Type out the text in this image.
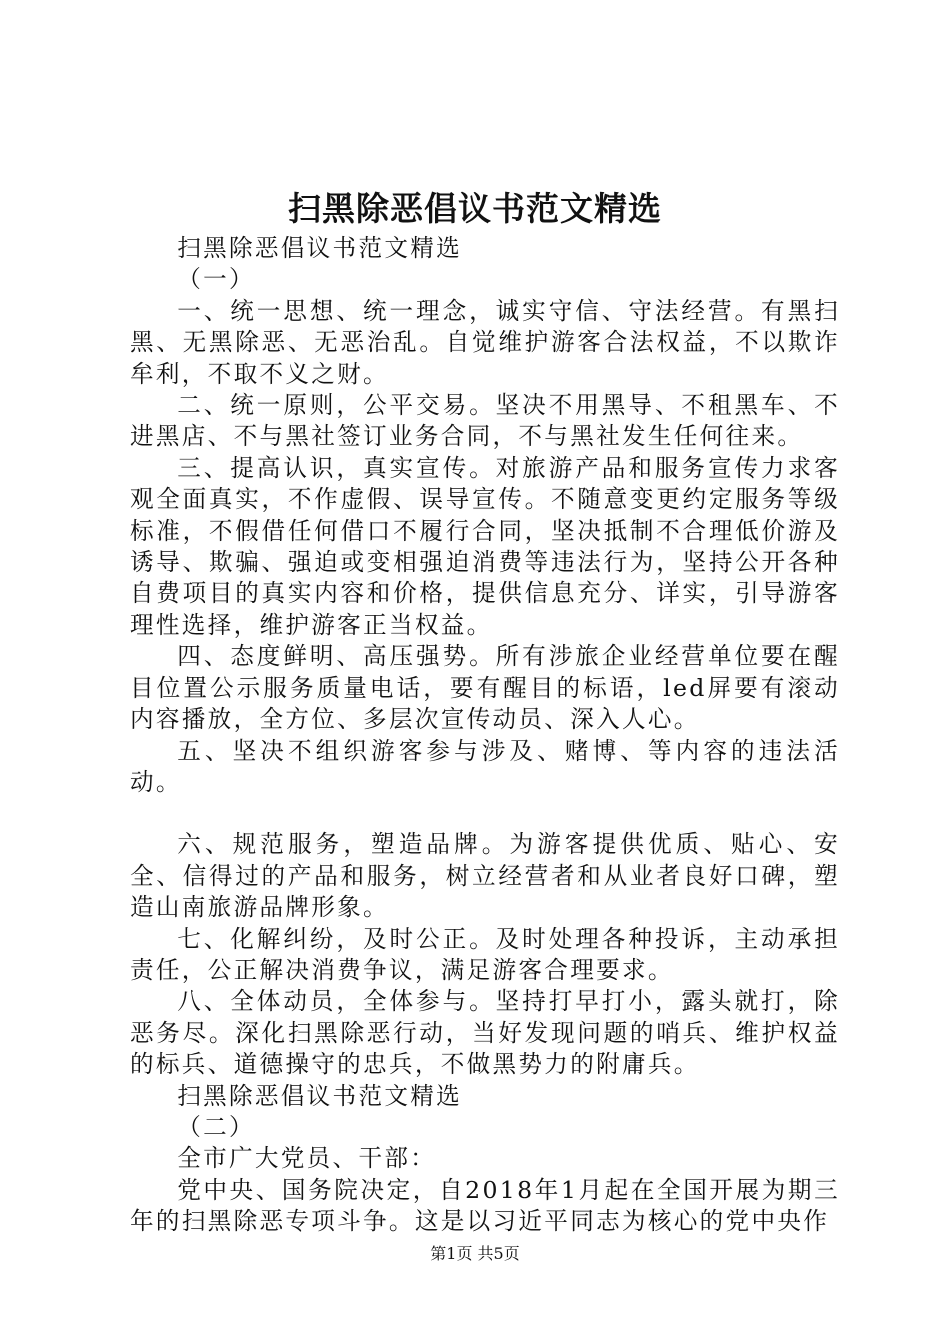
扫黑除恶倡议书范文精选

扫黑除恶倡议书范文精选

（一）

一、统一思想、统一理念，诚实守信、守法经营。有黑扫黑、无黑除恶、无恶治乱。自觉维护游客合法权益，不以欺诈牟利，不取不义之财。

二、统一原则，公平交易。坚决不用黑导、不租黑车、不进黑店、不与黑社签订业务合同，不与黑社发生任何往来。

三、提高认识，真实宣传。对旅游产品和服务宣传力求客观全面真实，不作虚假、误导宣传。不随意变更约定服务等级标准，不假借任何借口不履行合同，坚决抵制不合理低价游及诱导、欺骗、强迫或变相强迫消费等违法行为，坚持公开各种自费项目的真实内容和价格，提供信息充分、详实，引导游客理性选择，维护游客正当权益。

四、态度鲜明、高压强势。所有涉旅企业经营单位要在醒目位置公示服务质量电话，要有醒目的标语，led屏要有滚动内容播放，全方位、多层次宣传动员、深入人心。

五、坚决不组织游客参与涉及、赌博、等内容的违法活动。

六、规范服务，塑造品牌。为游客提供优质、贴心、安全、信得过的产品和服务，树立经营者和从业者良好口碑，塑造山南旅游品牌形象。

七、化解纠纷，及时公正。及时处理各种投诉，主动承担责任，公正解决消费争议，满足游客合理要求。

八、全体动员，全体参与。坚持打早打小，露头就打，除恶务尽。深化扫黑除恶行动，当好发现问题的哨兵、维护权益的标兵、道德操守的忠兵，不做黑势力的附庸兵。

扫黑除恶倡议书范文精选

（二）

全市广大党员、干部：

党中央、国务院决定，自2018年1月起在全国开展为期三年的扫黑除恶专项斗争。这是以习近平同志为核心的党中央作

第1页 共5页
